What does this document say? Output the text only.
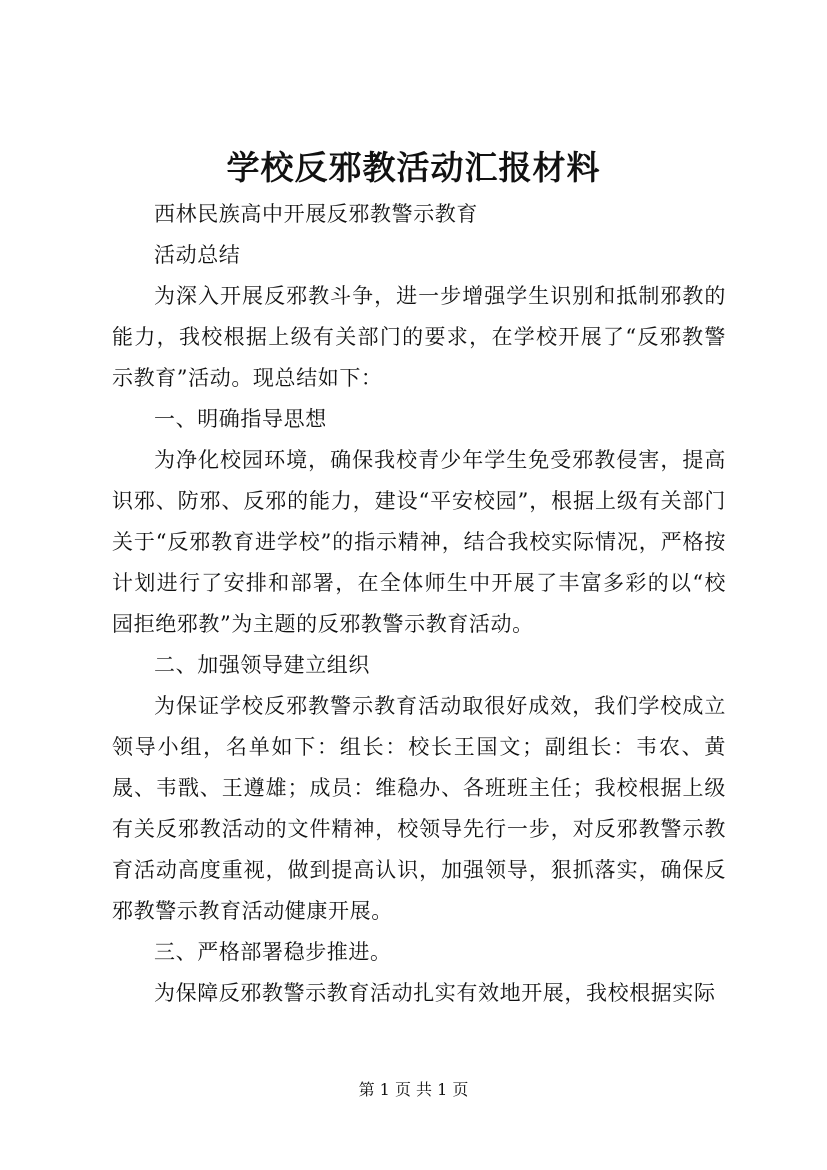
学校反邪教活动汇报材料

西林民族高中开展反邪教警示教育

活动总结

为深入开展反邪教斗争，进一步增强学生识别和抵制邪教的能力，我校根据上级有关部门的要求，在学校开展了“反邪教警示教育”活动。现总结如下：

一、明确指导思想

为净化校园环境，确保我校青少年学生免受邪教侵害，提高识邪、防邪、反邪的能力，建设“平安校园”，根据上级有关部门关于“反邪教育进学校”的指示精神，结合我校实际情况，严格按计划进行了安排和部署，在全体师生中开展了丰富多彩的以“校园拒绝邪教”为主题的反邪教警示教育活动。

二、加强领导建立组织

为保证学校反邪教警示教育活动取很好成效，我们学校成立领导小组，名单如下：组长：校长王国文；副组长：韦农、黄晟、韦戬、王遵雄；成员：维稳办、各班班主任；我校根据上级有关反邪教活动的文件精神，校领导先行一步，对反邪教警示教育活动高度重视，做到提高认识，加强领导，狠抓落实，确保反邪教警示教育活动健康开展。

三、严格部署稳步推进。

为保障反邪教警示教育活动扎实有效地开展，我校根据实际

第 1 页 共 1 页
